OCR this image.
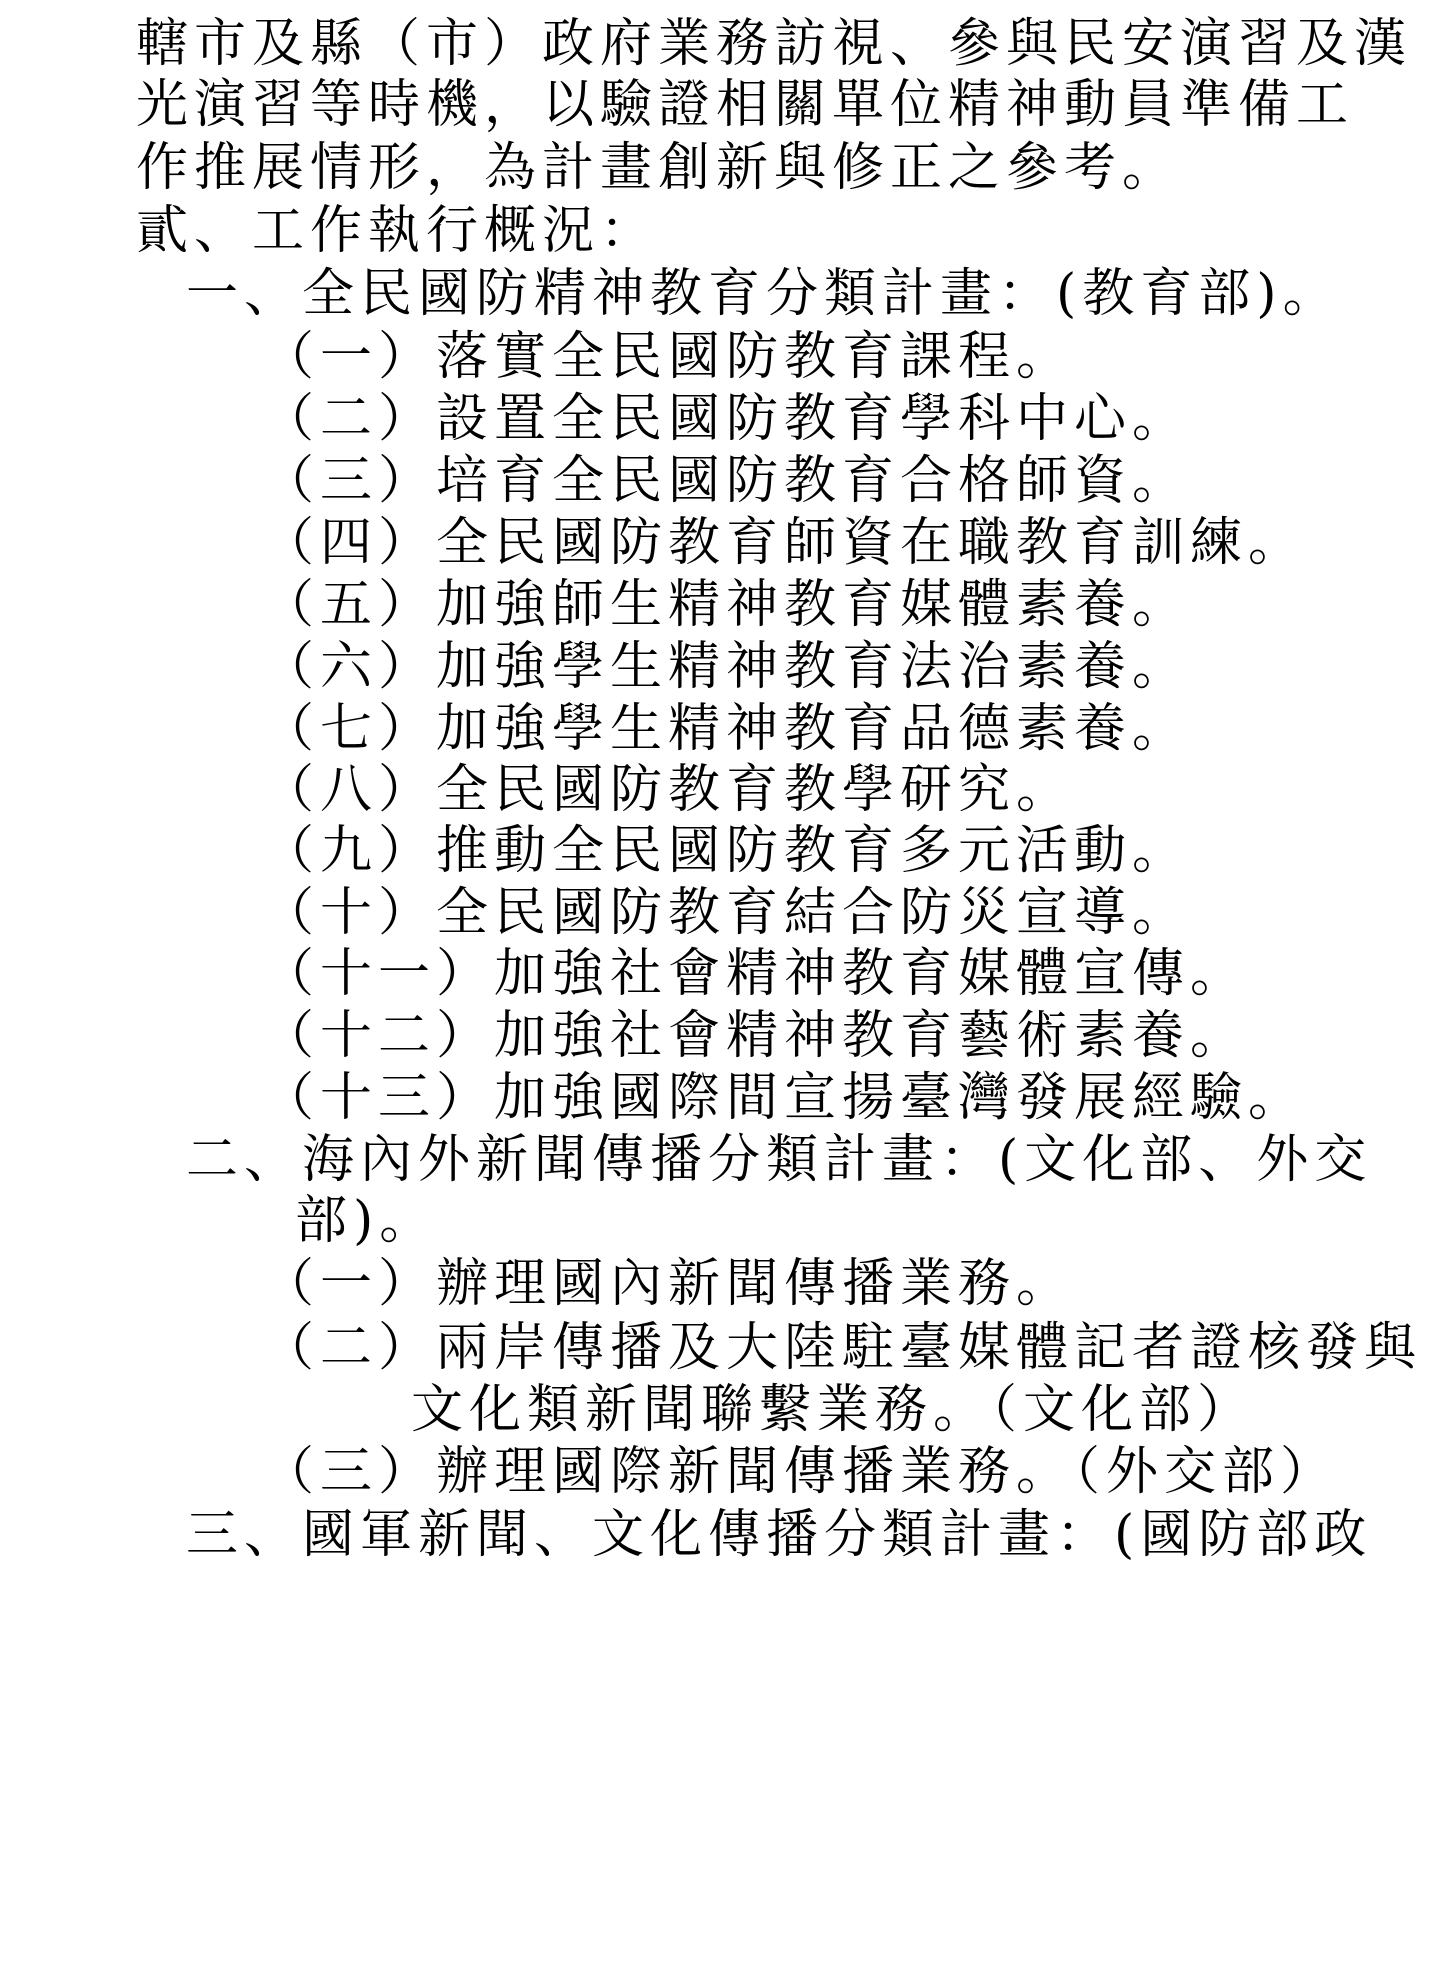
轄市及縣（市）政府業務訪視、參與民安演習及漢
光演習等時機，以驗證相關單位精神動員準備工
作推展情形，為計畫創新與修正之參考。
貳、工作執行概況：
一、全民國防精神教育分類計畫：(教育部)。
（一）落實全民國防教育課程。
（二）設置全民國防教育學科中心。
（三）培育全民國防教育合格師資。
（四）全民國防教育師資在職教育訓練。
（五）加強師生精神教育媒體素養。
（六）加強學生精神教育法治素養。
（七）加強學生精神教育品德素養。
（八）全民國防教育教學研究。
（九）推動全民國防教育多元活動。
（十）全民國防教育結合防災宣導。
（十一）加強社會精神教育媒體宣傳。
（十二）加強社會精神教育藝術素養。
（十三）加強國際間宣揚臺灣發展經驗。
二、海內外新聞傳播分類計畫：(文化部、外交
部)。
（一）辦理國內新聞傳播業務。
（二）兩岸傳播及大陸駐臺媒體記者證核發與
文化類新聞聯繫業務。（文化部）
（三）辦理國際新聞傳播業務。（外交部）
三、國軍新聞、文化傳播分類計畫：(國防部政
